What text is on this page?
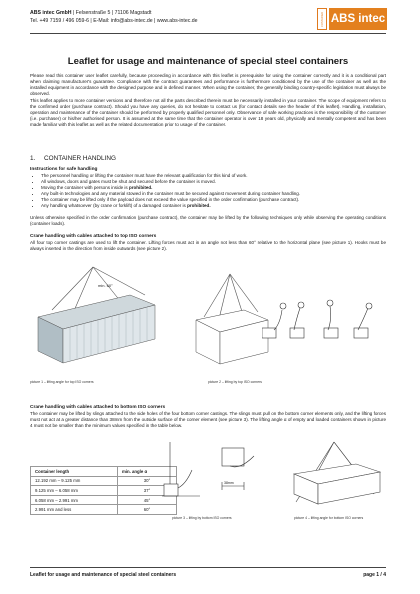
ABS intec GmbH | Felsenstraße 5 | 71106 Magstadt
Tel. +49 7159 / 496 059-6 | E-Mail: info@abs-intec.de | www.abs-intec.de	CONTAINER ABS intec
Leaflet for usage and maintenance of special steel containers
Please read this container user leaflet carefully, because proceeding in accordance with this leaflet is prerequisite for using the container correctly and it is a conditional part when claiming manufacturer's guarantee. Compliance with the contract guarantees and performance is furthermore conditioned by the use of the container as well as the installed equipment in accordance with the designed purpose and in defined manner. When using the container, the generally binding country-specific legislation must always be observed.
This leaflet applies to more container versions and therefore not all the parts described therein must be necessarily installed in your container. The scope of equipment refers to the confirmed order (purchase contract). Should you have any queries, do not hesitate to contact us (for contact details see the header of this leaflet). Handling, installation, operation and maintenance of the container should be performed by properly qualified personnel only. Observance of safe working practices is the responsibility of the customer (i.e. purchaser) or his/her authorised person. It is assumed at the same time that the container operator is over 18 years old, physically and mentally competent and has been made familiar with this leaflet as well as the related documentation prior to usage of the container.
1. CONTAINER HANDLING
Instructions for safe handling
• The personnel handling or lifting the container must have the relevant qualification for this kind of work.
• All windows, doors and gates must be shut and secured before the container is moved.
• Moving the container with persons inside is prohibited.
• Any built-in technologies and any material stowed in the container must be secured against movement during container handling.
• The container may be lifted only if the payload does not exceed the value specified in the order confirmation (purchase contract).
• Any handling whatsoever (by crane or forklift) of a damaged container is prohibited.
Unless otherwise specified in the order confirmation (purchase contract), the container may be lifted by the following techniques only while observing the operating conditions (container loads).
Crane handling with cables attached to top ISO corners
All four top corner castings are used to lift the container. Lifting forces must act in an angle not less than 60° relative to the horizontal plane (see picture 1). Hooks must be always inserted in the direction from inside outwards (see picture 2).
min. 60°
picture 1 – lifting angle for top ISO corners	picture 2 – lifting by top ISO corners
Crane handling with cables attached to bottom ISO corners
The container may be lifted by slings attached to the side holes of the four bottom corner castings. The slings must pull on the bottom corner elements only, and the lifting forces must not act at a greater distance than 38mm from the outside surface of the corner element (see picture 3). The lifting angle α of empty and loaded containers shown in picture 4 must not be smaller than the minimum values specified in the table below.
Container length	min. angle α
12.192 mm – 9.125 mm	30°
9.125 mm – 6.058 mm	37°
6.058 mm – 2.991 mm	45°
2.991 mm and less	60°
38mm
picture 3 – lifting by bottom ISO corners	picture 4 – lifting angle for bottom ISO corners
Leaflet for usage and maintenance of special steel containers	page 1 / 4
